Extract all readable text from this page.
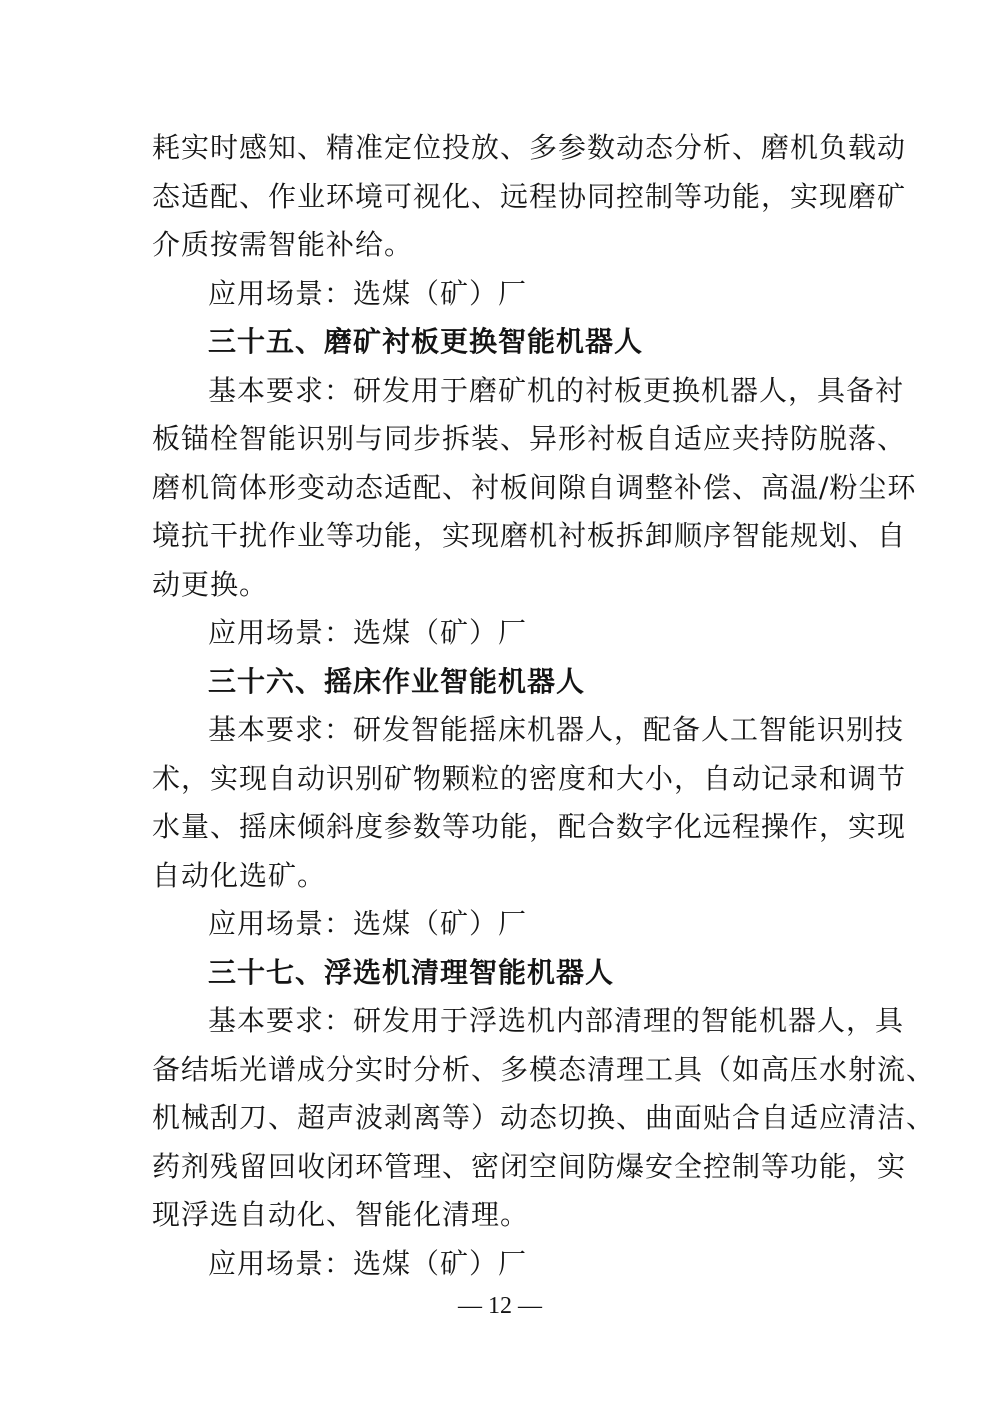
耗实时感知、精准定位投放、多参数动态分析、磨机负载动
态适配、作业环境可视化、远程协同控制等功能，实现磨矿
介质按需智能补给。
应用场景：选煤（矿）厂
三十五、磨矿衬板更换智能机器人
基本要求：研发用于磨矿机的衬板更换机器人，具备衬
板锚栓智能识别与同步拆装、异形衬板自适应夹持防脱落、
磨机筒体形变动态适配、衬板间隙自调整补偿、高温/粉尘环
境抗干扰作业等功能，实现磨机衬板拆卸顺序智能规划、自
动更换。
应用场景：选煤（矿）厂
三十六、摇床作业智能机器人
基本要求：研发智能摇床机器人，配备人工智能识别技
术，实现自动识别矿物颗粒的密度和大小，自动记录和调节
水量、摇床倾斜度参数等功能，配合数字化远程操作，实现
自动化选矿。
应用场景：选煤（矿）厂
三十七、浮选机清理智能机器人
基本要求：研发用于浮选机内部清理的智能机器人，具
备结垢光谱成分实时分析、多模态清理工具（如高压水射流、
机械刮刀、超声波剥离等）动态切换、曲面贴合自适应清洁、
药剂残留回收闭环管理、密闭空间防爆安全控制等功能，实
现浮选自动化、智能化清理。
应用场景：选煤（矿）厂
— 12 —
